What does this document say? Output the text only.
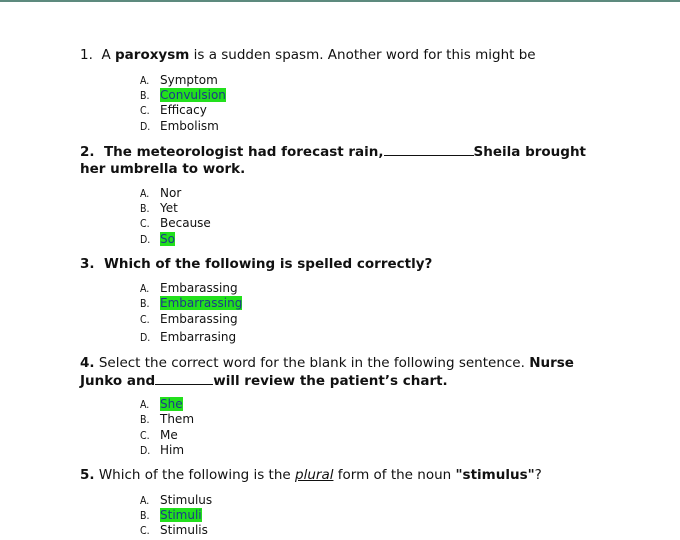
1. A paroxysm is a sudden spasm. Another word for this might be
A. Symptom
B. Convulsion
C. Efficacy
D. Embolism
2. The meteorologist had forecast rain,	Sheila brought
her umbrella to work.
A. Nor
B. Yet
C. Because
D. So
3. Which of the following is spelled correctly?
A. Embarassing
B. Embarrassing
C. Embarassing
D. Embarrasing
4. Select the correct word for the blank in the following sentence. Nurse
Junko and	will review the patient’s chart.
A. She
B. Them
C. Me
D. Him
5. Which of the following is the plural form of the noun "stimulus"?
A. Stimulus
B. Stimuli
C. Stimulis
